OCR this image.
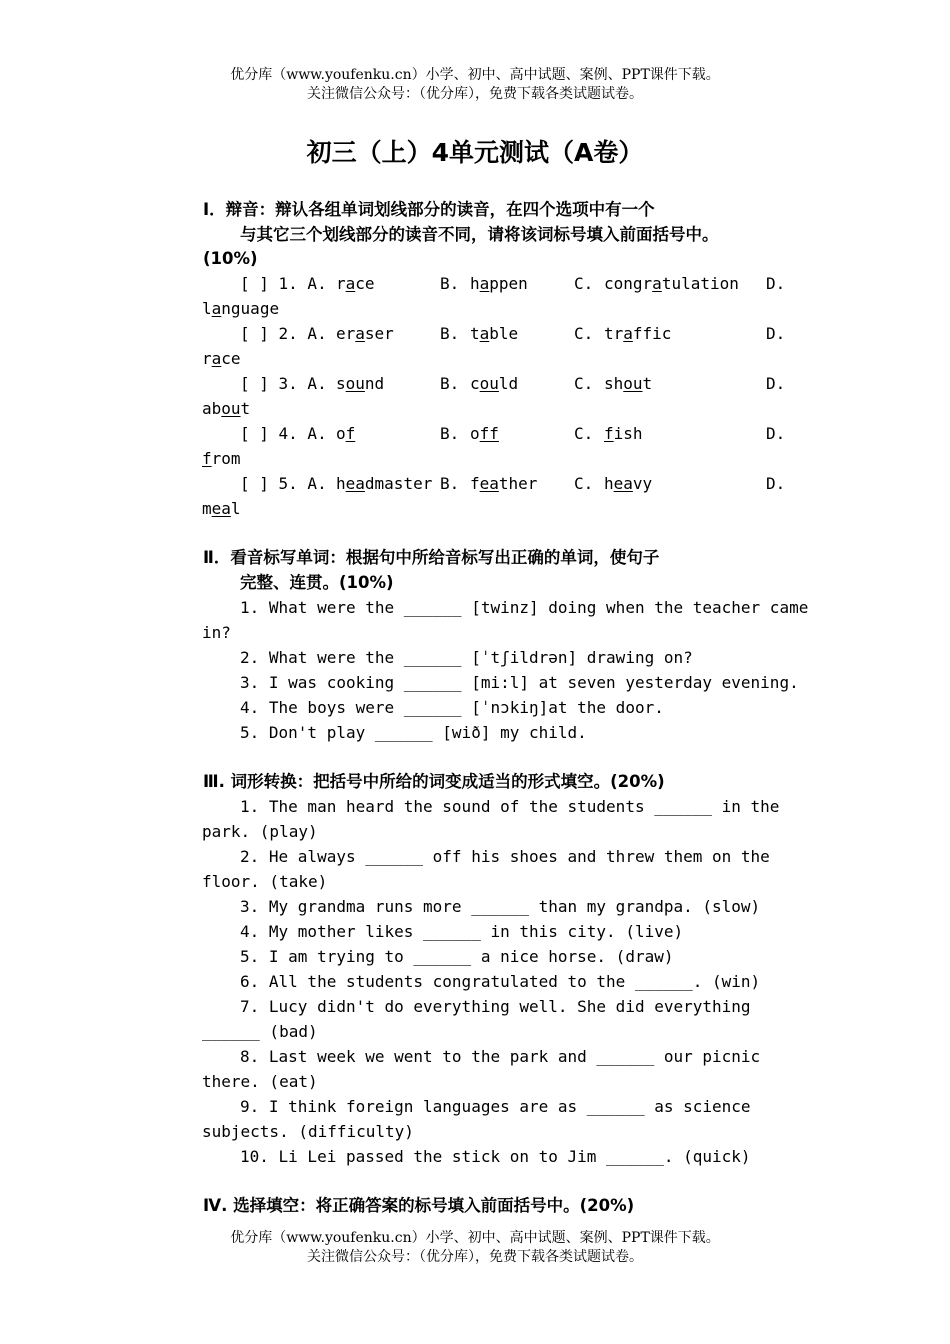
优分库（www.youfenku.cn）小学、初中、高中试题、案例、PPT课件下载。
关注微信公众号：（优分库），免费下载各类试题试卷。
初三（上）4单元测试（A卷）
Ⅰ．辩音：辩认各组单词划线部分的读音，在四个选项中有一个
与其它三个划线部分的读音不同，请将该词标号填入前面括号中。
(10%)
[ ] 1. A. race	B. happen	C. congratulation D.
language
[ ] 2. A. eraser	B. table	C. traffic	D.
race
[ ] 3. A. sound	B. could	C. shout	D.
about
[ ] 4. A. of	B. off	C. fish	D.
from
[ ] 5. A. headmaster B. feather C. heavy	D.
meal
Ⅱ．看音标写单词：根据句中所给音标写出正确的单词，使句子
完整、连贯。(10%)
1. What were the ______ [twinz] doing when the teacher came
in?
2. What were the ______ [ˈtʃildrən] drawing on?
3. I was cooking ______ [mi:l] at seven yesterday evening.
4. The boys were ______ [ˈnɔkiŋ]at the door.
5. Don't play ______ [wið] my child.
Ⅲ. 词形转换：把括号中所给的词变成适当的形式填空。(20%)
1. The man heard the sound of the students ______ in the
park. (play)
2. He always ______ off his shoes and threw them on the
floor. (take)
3. My grandma runs more ______ than my grandpa. (slow)
4. My mother likes ______ in this city. (live)
5. I am trying to ______ a nice horse. (draw)
6. All the students congratulated to the ______. (win)
7. Lucy didn't do everything well. She did everything
______ (bad)
8. Last week we went to the park and ______ our picnic
there. (eat)
9. I think foreign languages are as ______ as science
subjects. (difficulty)
10. Li Lei passed the stick on to Jim ______. (quick)
Ⅳ. 选择填空：将正确答案的标号填入前面括号中。(20%)
优分库（www.youfenku.cn）小学、初中、高中试题、案例、PPT课件下载。
关注微信公众号：（优分库），免费下载各类试题试卷。
